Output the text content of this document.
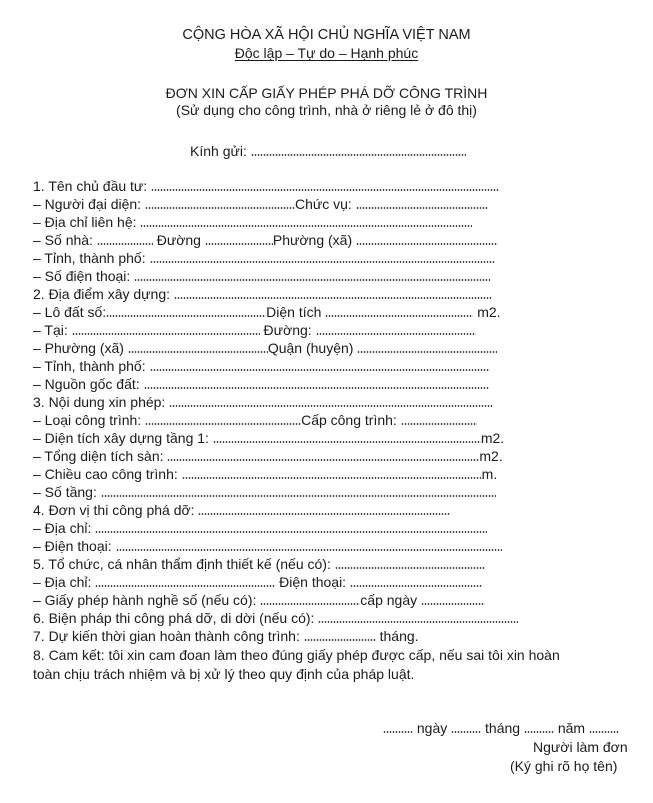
CỘNG HÒA XÃ HỘI CHỦ NGHĨA VIỆT NAM
Độc lập – Tự do – Hạnh phúc
ĐƠN XIN CẤP GIẤY PHÉP PHÁ DỠ CÔNG TRÌNH
(Sử dụng cho công trình, nhà ở riêng lẻ ở đô thị)
Kính gửi:
1. Tên chủ đầu tư:
– Người đại diện:	Chức vụ:
– Địa chỉ liên hệ:
– Số nhà:	Đường	Phường (xã)
– Tỉnh, thành phố:
– Số điện thoại:
2. Địa điểm xây dựng:
– Lô đất số:	Diện tích	m2.
– Tại:	Đường:
– Phường (xã)	Quận (huyện)
– Tỉnh, thành phố:
– Nguồn gốc đất:
3. Nội dung xin phép:
– Loại công trình:	Cấp công trình:
– Diện tích xây dựng tầng 1:	m2.
– Tổng diện tích sàn:	m2.
– Chiều cao công trình:	m.
– Số tầng:
4. Đơn vị thi công phá dỡ:
– Địa chỉ:
– Điện thoại:
5. Tổ chức, cá nhân thẩm định thiết kế (nếu có):
– Địa chỉ:	Điện thoại:
– Giấy phép hành nghề số (nếu có):	cấp ngày
6. Biện pháp thi công phá dỡ, di dời (nếu có):
7. Dự kiến thời gian hoàn thành công trình:	tháng.
8. Cam kết: tôi xin cam đoan làm theo đúng giấy phép được cấp, nếu sai tôi xin hoàn
toàn chịu trách nhiệm và bị xử lý theo quy định của pháp luật.
ngày	tháng	năm
Người làm đơn
(Ký ghi rõ họ tên)
